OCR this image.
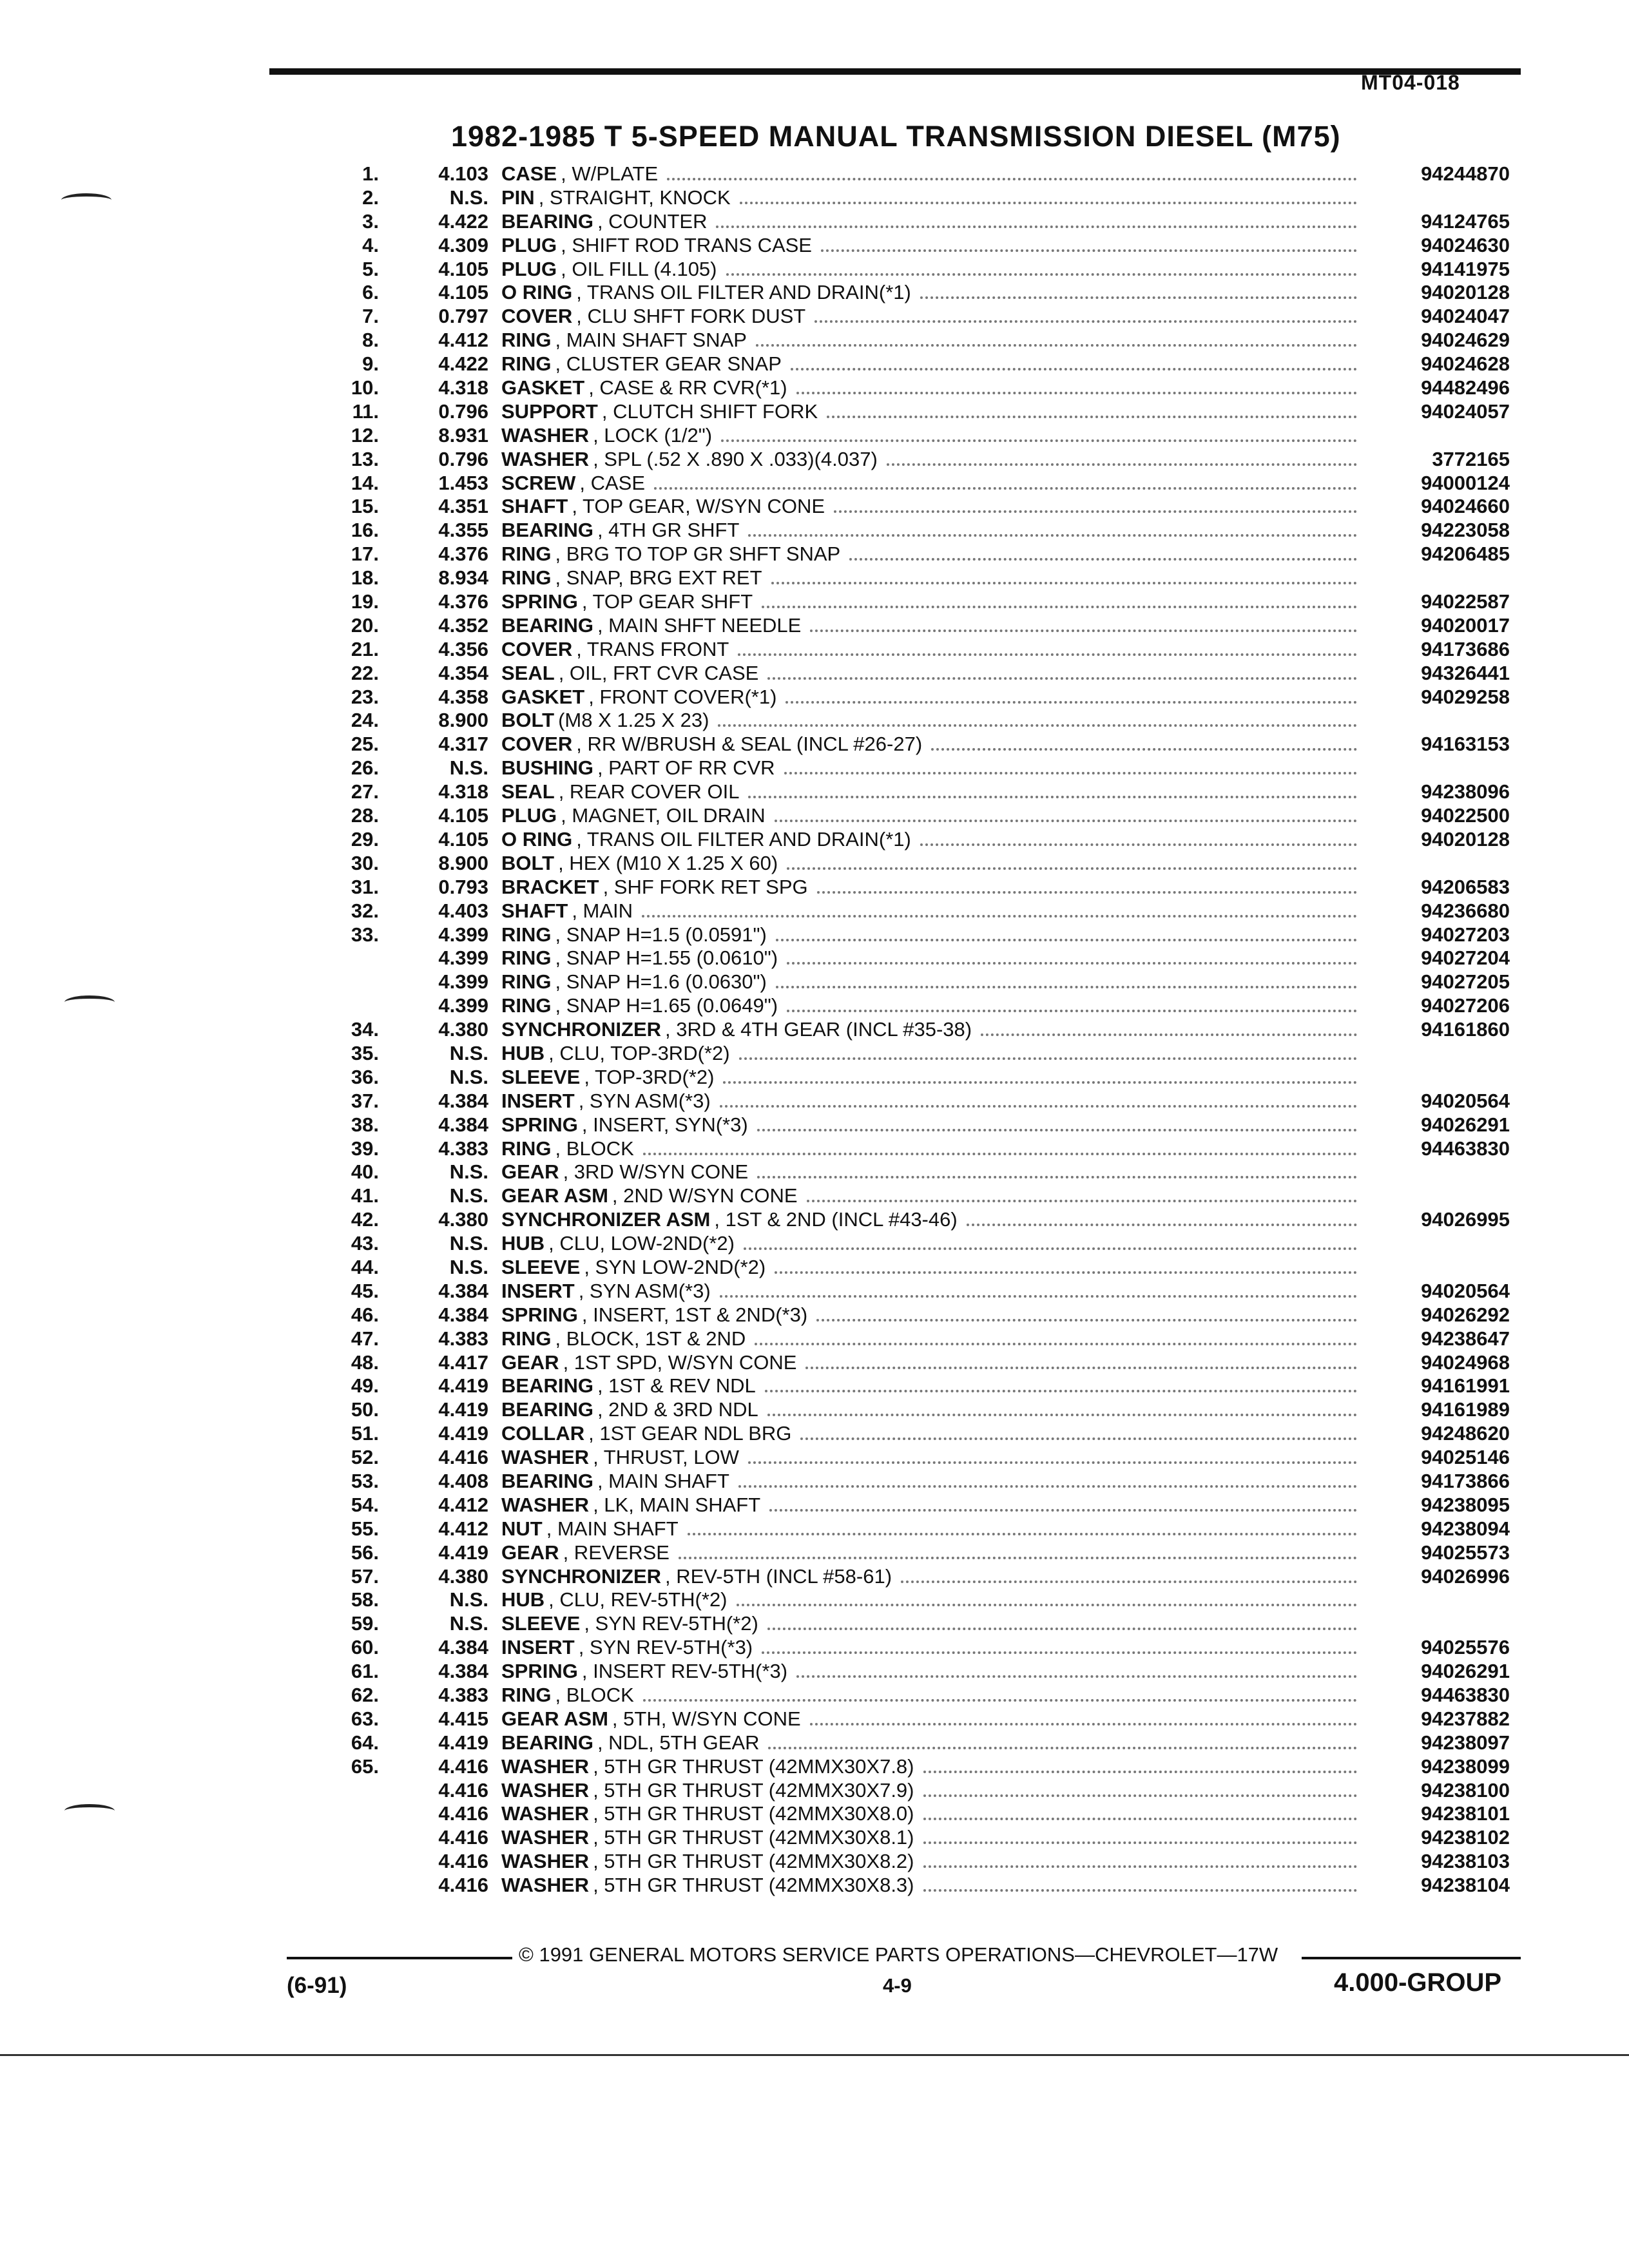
MT04-018
1982-1985 T 5-SPEED MANUAL TRANSMISSION DIESEL (M75)
1.	4.103 CASE , W/PLATE	94244870
2.	N.S. PIN , STRAIGHT, KNOCK
3.	4.422 BEARING , COUNTER	94124765
4.	4.309 PLUG , SHIFT ROD TRANS CASE	94024630
5.	4.105 PLUG , OIL FILL (4.105)	94141975
6.	4.105 O RING , TRANS OIL FILTER AND DRAIN(*1)	94020128
7.	0.797 COVER , CLU SHFT FORK DUST	94024047
8.	4.412 RING , MAIN SHAFT SNAP	94024629
9.	4.422 RING , CLUSTER GEAR SNAP	94024628
10.	4.318 GASKET , CASE & RR CVR(*1)	94482496
11.	0.796 SUPPORT , CLUTCH SHIFT FORK	94024057
12.	8.931 WASHER , LOCK (1/2")
13.	0.796 WASHER , SPL (.52 X .890 X .033)(4.037)	3772165
14.	1.453 SCREW , CASE	94000124
15.	4.351 SHAFT , TOP GEAR, W/SYN CONE	94024660
16.	4.355 BEARING , 4TH GR SHFT	94223058
17.	4.376 RING , BRG TO TOP GR SHFT SNAP	94206485
18.	8.934 RING , SNAP, BRG EXT RET
19.	4.376 SPRING , TOP GEAR SHFT	94022587
20.	4.352 BEARING , MAIN SHFT NEEDLE	94020017
21.	4.356 COVER , TRANS FRONT	94173686
22.	4.354 SEAL , OIL, FRT CVR CASE	94326441
23.	4.358 GASKET , FRONT COVER(*1)	94029258
24.	8.900 BOLT (M8 X 1.25 X 23)
25.	4.317 COVER , RR W/BRUSH & SEAL (INCL #26-27)	94163153
26.	N.S. BUSHING , PART OF RR CVR
27.	4.318 SEAL , REAR COVER OIL	94238096
28.	4.105 PLUG , MAGNET, OIL DRAIN	94022500
29.	4.105 O RING , TRANS OIL FILTER AND DRAIN(*1)	94020128
30.	8.900 BOLT , HEX (M10 X 1.25 X 60)
31.	0.793 BRACKET , SHF FORK RET SPG	94206583
32.	4.403 SHAFT , MAIN	94236680
33.	4.399 RING , SNAP H=1.5 (0.0591")	94027203
4.399 RING , SNAP H=1.55 (0.0610")	94027204
4.399 RING , SNAP H=1.6 (0.0630")	94027205
4.399 RING , SNAP H=1.65 (0.0649")	94027206
34.	4.380 SYNCHRONIZER , 3RD & 4TH GEAR (INCL #35-38)	94161860
35.	N.S. HUB , CLU, TOP-3RD(*2)
36.	N.S. SLEEVE , TOP-3RD(*2)
37.	4.384 INSERT , SYN ASM(*3)	94020564
38.	4.384 SPRING , INSERT, SYN(*3)	94026291
39.	4.383 RING , BLOCK	94463830
40.	N.S. GEAR , 3RD W/SYN CONE
41.	N.S. GEAR ASM , 2ND W/SYN CONE
42.	4.380 SYNCHRONIZER ASM , 1ST & 2ND (INCL #43-46)	94026995
43.	N.S. HUB , CLU, LOW-2ND(*2)
44.	N.S. SLEEVE , SYN LOW-2ND(*2)
45.	4.384 INSERT , SYN ASM(*3)	94020564
46.	4.384 SPRING , INSERT, 1ST & 2ND(*3)	94026292
47.	4.383 RING , BLOCK, 1ST & 2ND	94238647
48.	4.417 GEAR , 1ST SPD, W/SYN CONE	94024968
49.	4.419 BEARING , 1ST & REV NDL	94161991
50.	4.419 BEARING , 2ND & 3RD NDL	94161989
51.	4.419 COLLAR , 1ST GEAR NDL BRG	94248620
52.	4.416 WASHER , THRUST, LOW	94025146
53.	4.408 BEARING , MAIN SHAFT	94173866
54.	4.412 WASHER , LK, MAIN SHAFT	94238095
55.	4.412 NUT , MAIN SHAFT	94238094
56.	4.419 GEAR , REVERSE	94025573
57.	4.380 SYNCHRONIZER , REV-5TH (INCL #58-61)	94026996
58.	N.S. HUB , CLU, REV-5TH(*2)
59.	N.S. SLEEVE , SYN REV-5TH(*2)
60.	4.384 INSERT , SYN REV-5TH(*3)	94025576
61.	4.384 SPRING , INSERT REV-5TH(*3)	94026291
62.	4.383 RING , BLOCK	94463830
63.	4.415 GEAR ASM , 5TH, W/SYN CONE	94237882
64.	4.419 BEARING , NDL, 5TH GEAR	94238097
65.	4.416 WASHER , 5TH GR THRUST (42MMX30X7.8)	94238099
4.416 WASHER , 5TH GR THRUST (42MMX30X7.9)	94238100
4.416 WASHER , 5TH GR THRUST (42MMX30X8.0)	94238101
4.416 WASHER , 5TH GR THRUST (42MMX30X8.1)	94238102
4.416 WASHER , 5TH GR THRUST (42MMX30X8.2)	94238103
4.416 WASHER , 5TH GR THRUST (42MMX30X8.3)	94238104
© 1991 GENERAL MOTORS SERVICE PARTS OPERATIONS—CHEVROLET—17W
(6-91)	4-9	4.000-GROUP
